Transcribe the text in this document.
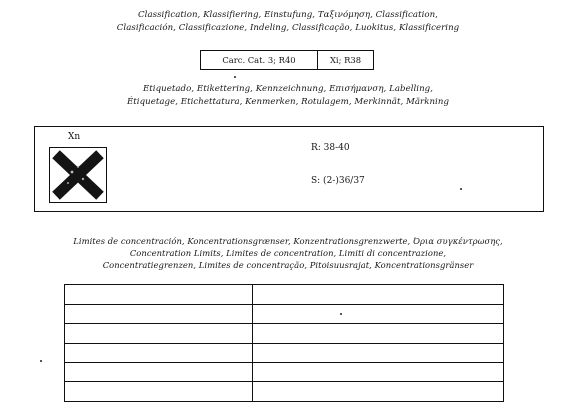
Classification, Klassifiering, Einstufung, Ταξινόμηση, Classification,
Clasificación, Classificazione, Indeling, Classificação, Luokitus, Klassificering
Carc. Cat. 3; R40	Xi; R38
Etiquetado, Etikettering, Kennzeichnung, Επισήμανση, Labelling,
Étiquetage, Etichettatura, Kenmerken, Rotulagem, Merkinnät, Märkning
Xn
R: 38-40
S: (2-)36/37
Limites de concentración, Koncentrationsgrænser, Konzentrationsgrenzwerte, Όρια συγκέντρωσης,
Concentration Limits, Limites de concentration, Limiti di concentrazione,
Concentratiegrenzen, Limites de concentração, Pitoisuusrajat, Koncentrationsgränser
